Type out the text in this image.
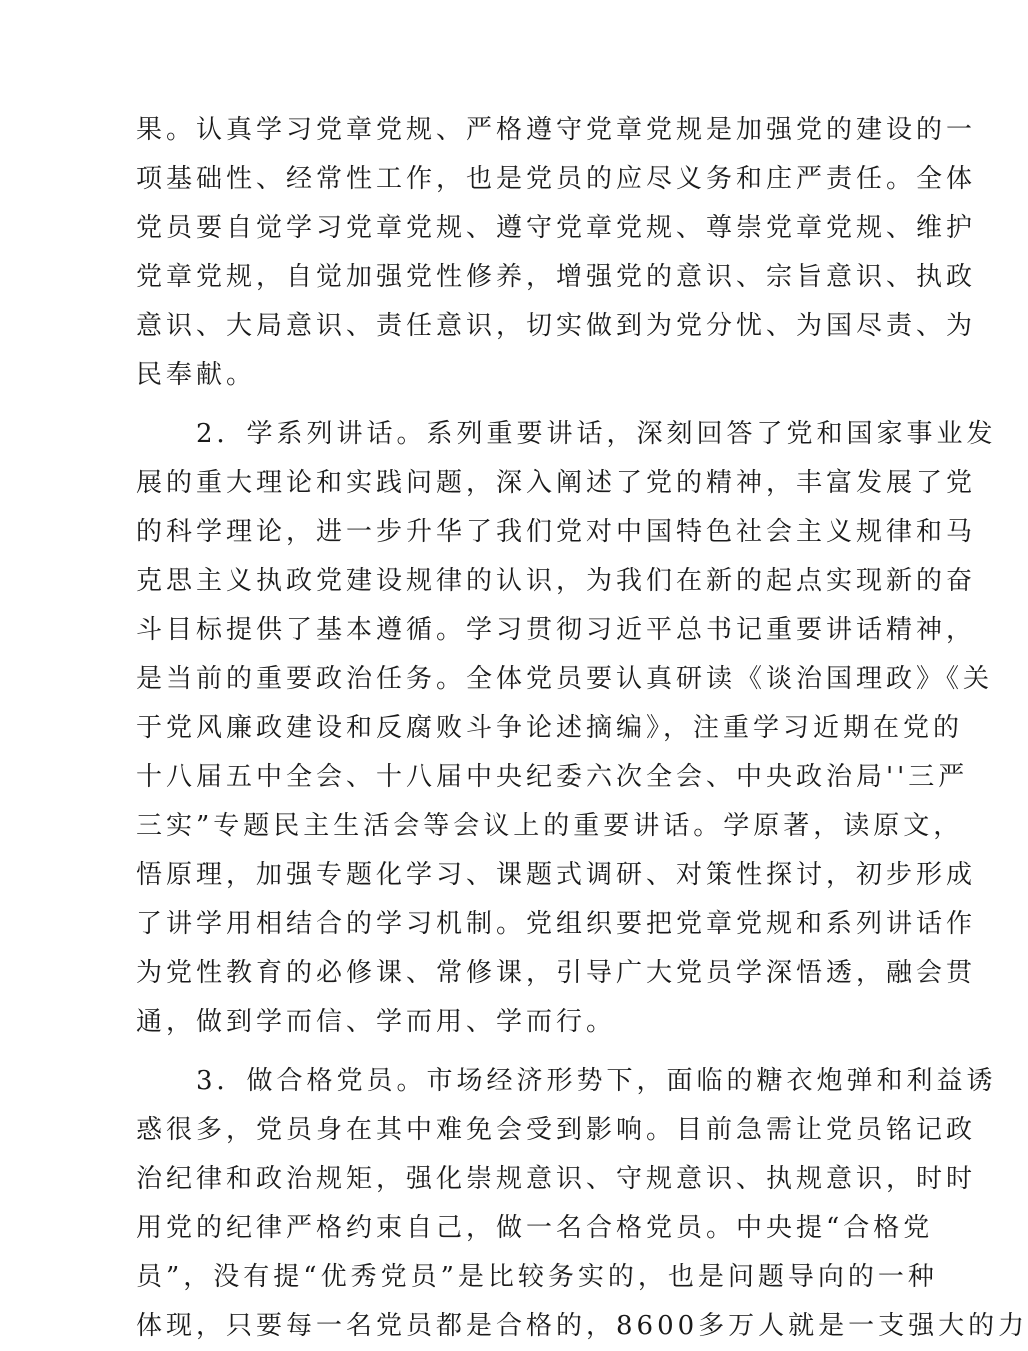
果。认真学习党章党规、严格遵守党章党规是加强党的建设的一
项基础性、经常性工作，也是党员的应尽义务和庄严责任。全体
党员要自觉学习党章党规、遵守党章党规、尊崇党章党规、维护
党章党规，自觉加强党性修养，增强党的意识、宗旨意识、执政
意识、大局意识、责任意识，切实做到为党分忧、为国尽责、为
民奉献。
　　2．学系列讲话。系列重要讲话，深刻回答了党和国家事业发
展的重大理论和实践问题，深入阐述了党的精神，丰富发展了党
的科学理论，进一步升华了我们党对中国特色社会主义规律和马
克思主义执政党建设规律的认识，为我们在新的起点实现新的奋
斗目标提供了基本遵循。学习贯彻习近平总书记重要讲话精神，
是当前的重要政治任务。全体党员要认真研读《谈治国理政》《关
于党风廉政建设和反腐败斗争论述摘编》，注重学习近期在党的
十八届五中全会、十八届中央纪委六次全会、中央政治局''三严
三实”专题民主生活会等会议上的重要讲话。学原著，读原文，
悟原理，加强专题化学习、课题式调研、对策性探讨，初步形成
了讲学用相结合的学习机制。党组织要把党章党规和系列讲话作
为党性教育的必修课、常修课，引导广大党员学深悟透，融会贯
通，做到学而信、学而用、学而行。
　　3．做合格党员。市场经济形势下，面临的糖衣炮弹和利益诱
惑很多，党员身在其中难免会受到影响。目前急需让党员铭记政
治纪律和政治规矩，强化崇规意识、守规意识、执规意识，时时
用党的纪律严格约束自己，做一名合格党员。中央提“合格党
员”，没有提“优秀党员”是比较务实的，也是问题导向的一种
体现，只要每一名党员都是合格的，8600多万人就是一支强大的力
